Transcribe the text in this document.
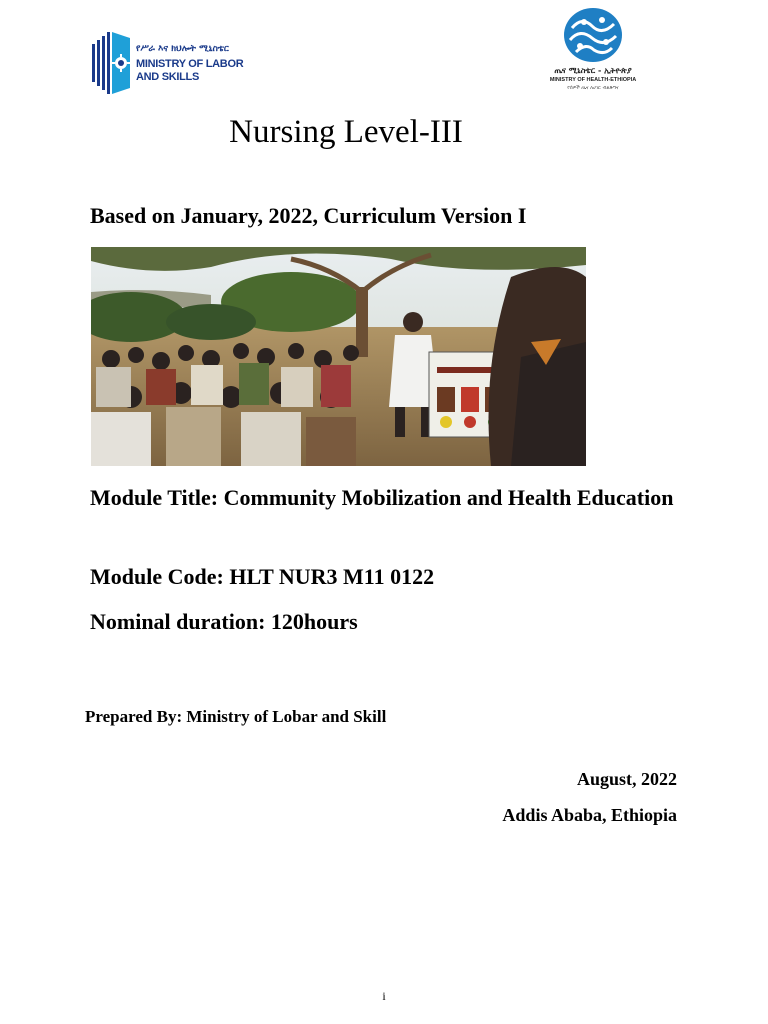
የሥራ እና ክህሎት ሚኒስቴር
MINISTRY OF LABOR
AND SKILLS
ጤና ሚኒስቴር - ኢትዮጵያ
MINISTRY OF HEALTH-ETHIOPIA
የሰዎች ጤና ለሀገር ብልጽግና
Nursing Level-III
Based on January, 2022, Curriculum Version I
Module Title: Community Mobilization and Health Education
Module Code: HLT NUR3 M11 0122
Nominal duration: 120hours
Prepared By: Ministry of Lobar and Skill
August, 2022
Addis Ababa, Ethiopia
i
